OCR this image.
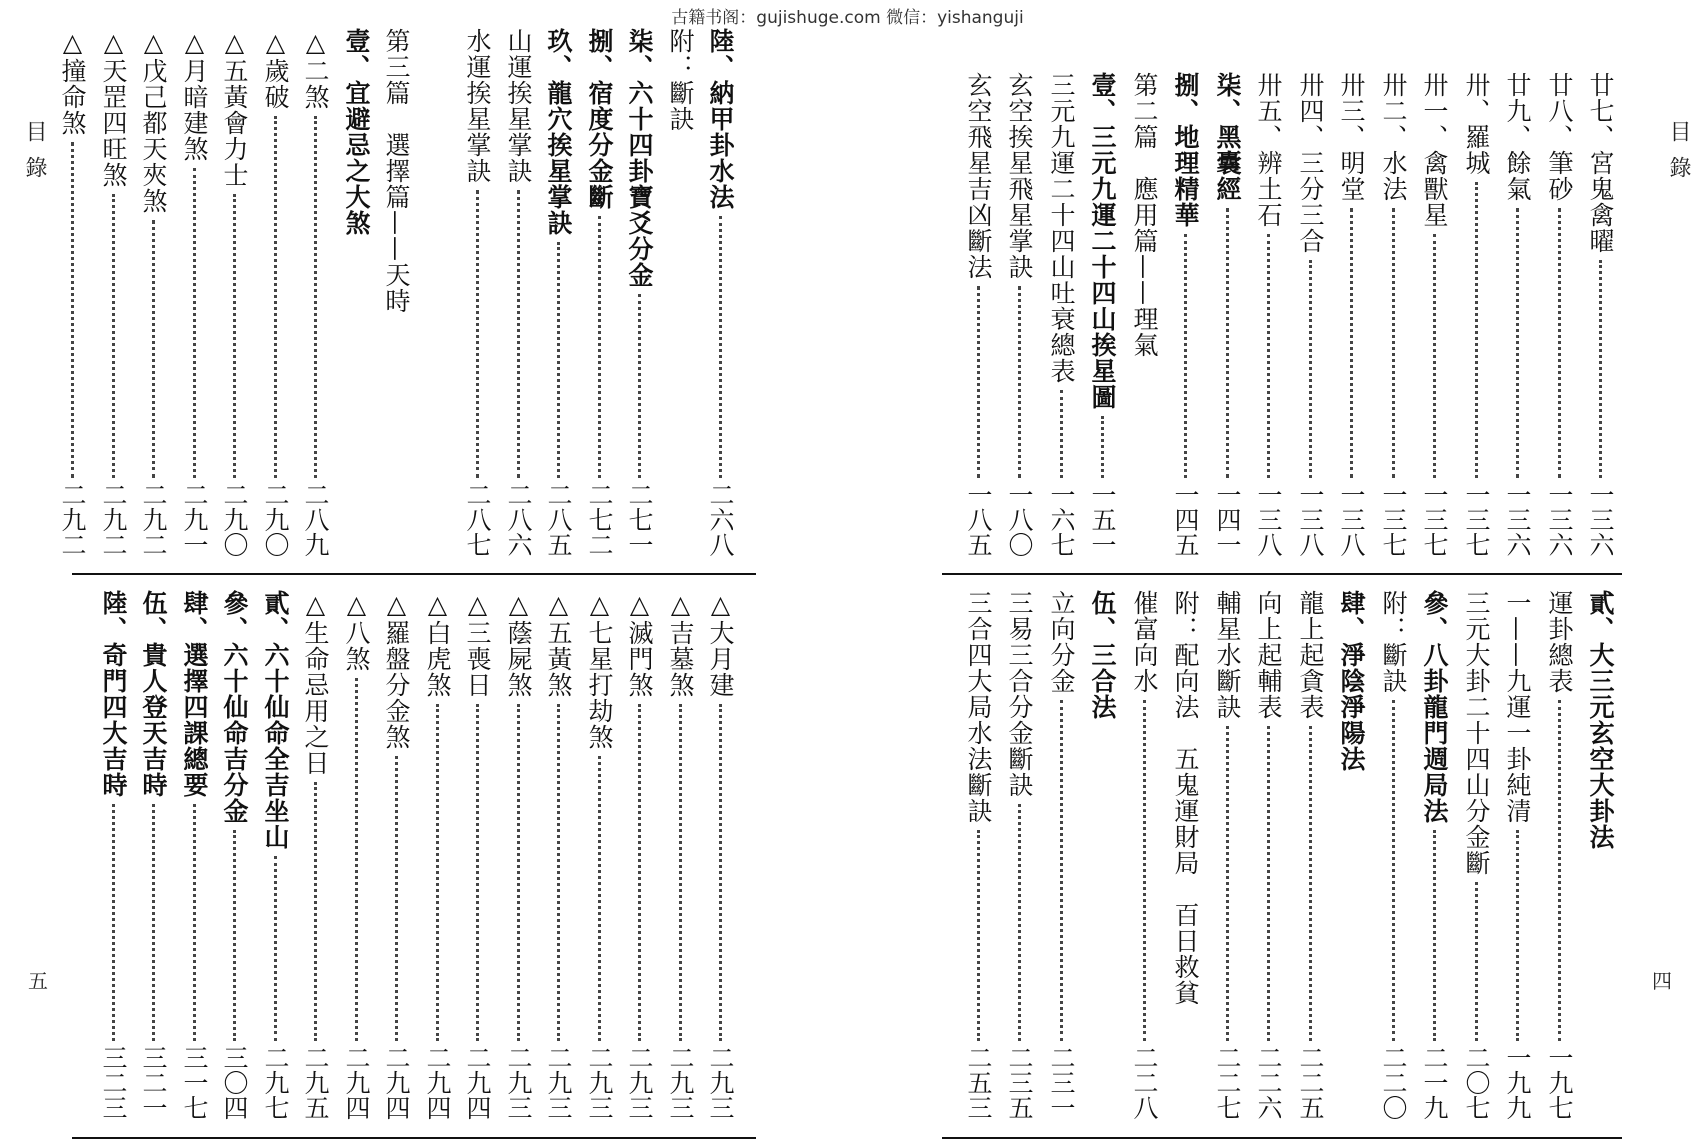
古籍书阁：gujishuge.com 微信：yishanguji
目錄	目錄
五	四
陸、納甲卦水法
二六八
附：斷訣
柒、六十四卦寶爻分金
二七一
捌、宿度分金斷
二七二
玖、龍穴挨星掌訣
二八五
山運挨星掌訣
二八六
水運挨星掌訣
二八七
第三篇　選擇篇——天時
壹、宜避忌之大煞
△二煞
二八九
△歲破
二九〇
△五黃會力士
二九〇
△月暗建煞
二九一
△戊己都天夾煞
二九二
△天罡四旺煞
二九二
△撞命煞
二九二
△大月建
二九三
△吉墓煞
二九三
△滅門煞
二九三
△七星打劫煞
二九三
△五黃煞
二九三
△蔭屍煞
二九三
△三喪日
二九四
△白虎煞
二九四
△羅盤分金煞
二九四
△八煞
二九四
△生命忌用之日
二九五
貳、六十仙命全吉坐山
二九七
參、六十仙命吉分金
三〇四
肆、選擇四課總要
三一七
伍、貴人登天吉時
三二一
陸、奇門四大吉時
三二三
廿七、宮鬼禽曜
一三六
廿八、筆砂
一三六
廿九、餘氣
一三六
卅、羅城
一三七
卅一、禽獸星
一三七
卅二、水法
一三七
卅三、明堂
一三八
卅四、三分三合
一三八
卅五、辨土石
一三八
柒、黑囊經
一四一
捌、地理精華
一四五
第二篇　應用篇——理氣
壹、三元九運二十四山挨星圖
一五一
三元九運二十四山吐衰總表
一六七
玄空挨星飛星掌訣
一八〇
玄空飛星吉凶斷法
一八五
貳、大三元玄空大卦法
運卦總表
一九七
一——九運一卦純清
一九九
三元大卦二十四山分金斷
二〇七
參、八卦龍門週局法
二一九
附：斷訣
二二〇
肆、淨陰淨陽法
龍上起貪表
二二五
向上起輔表
二二六
輔星水斷訣
二二七
附：配向法　五鬼運財局　百日救貧
催富向水
二二八
伍、三合法
立向分金
二三一
三易三合分金斷訣
二三五
三合四大局水法斷訣
二五三
